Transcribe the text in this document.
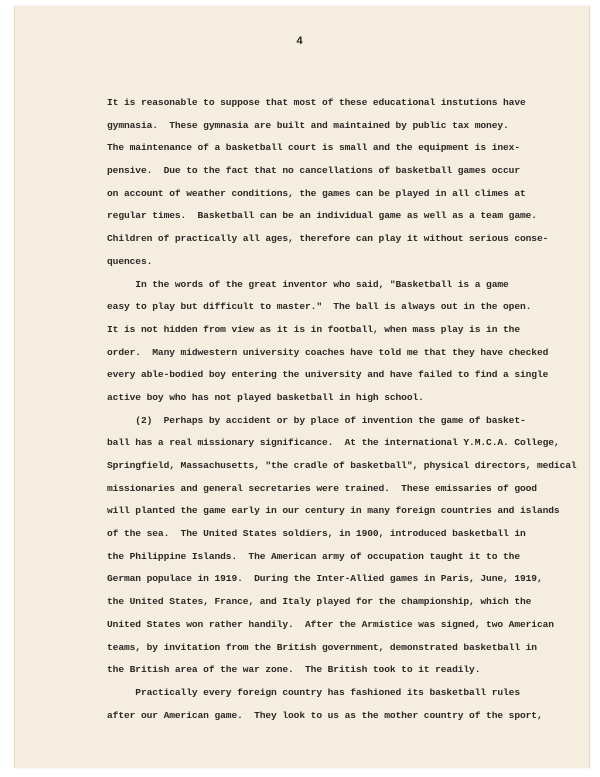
4
It is reasonable to suppose that most of these educational instutions have
gymnasia.  These gymnasia are built and maintained by public tax money.
The maintenance of a basketball court is small and the equipment is inex-
pensive.  Due to the fact that no cancellations of basketball games occur
on account of weather conditions, the games can be played in all climes at
regular times.  Basketball can be an individual game as well as a team game.
Children of practically all ages, therefore can play it without serious conse-
quences.
In the words of the great inventor who said, "Basketball is a game
easy to play but difficult to master."  The ball is always out in the open.
It is not hidden from view as it is in football, when mass play is in the
order.  Many midwestern university coaches have told me that they have checked
every able-bodied boy entering the university and have failed to find a single
active boy who has not played basketball in high school.
(2)  Perhaps by accident or by place of invention the game of basket-
ball has a real missionary significance.  At the international Y.M.C.A. College,
Springfield, Massachusetts, "the cradle of basketball", physical directors, medical
missionaries and general secretaries were trained.  These emissaries of good
will planted the game early in our century in many foreign countries and islands
of the sea.  The United States soldiers, in 1900, introduced basketball in
the Philippine Islands.  The American army of occupation taught it to the
German populace in 1919.  During the Inter-Allied games in Paris, June, 1919,
the United States, France, and Italy played for the championship, which the
United States won rather handily.  After the Armistice was signed, two American
teams, by invitation from the British government, demonstrated basketball in
the British area of the war zone.  The British took to it readily.
Practically every foreign country has fashioned its basketball rules
after our American game.  They look to us as the mother country of the sport,
